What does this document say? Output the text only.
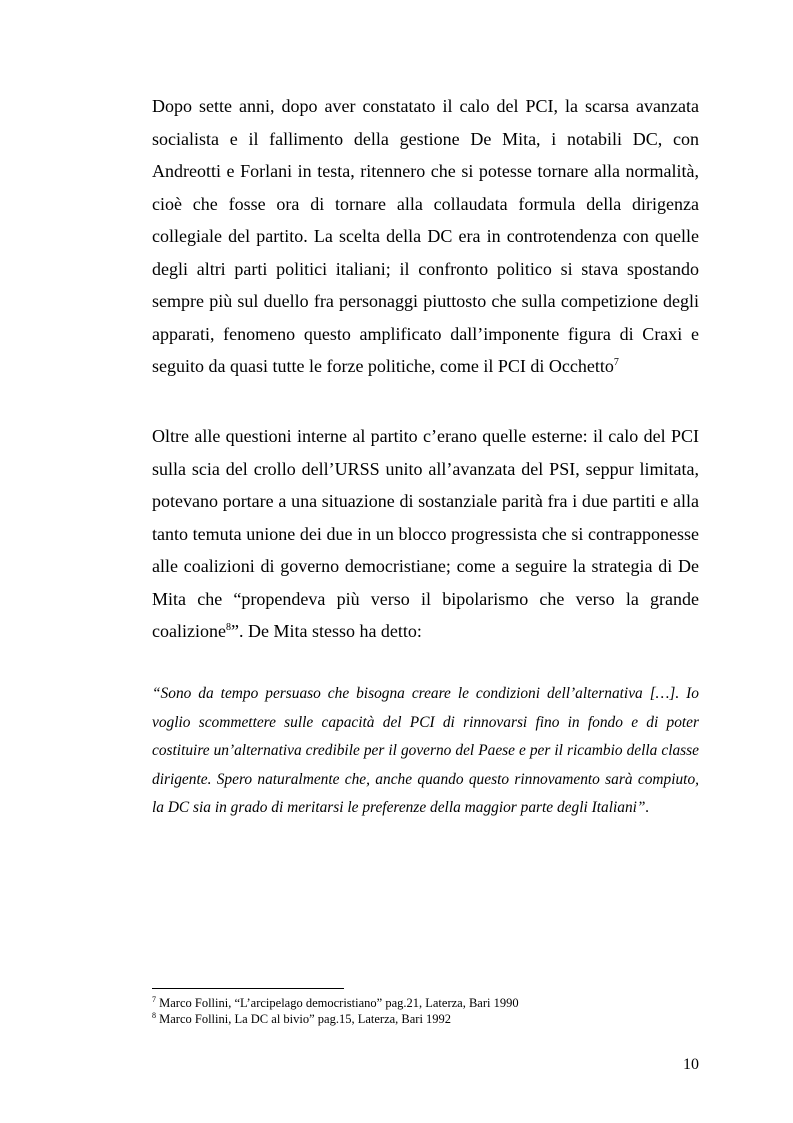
Dopo sette anni, dopo aver constatato il calo del PCI, la scarsa avanzata socialista e il fallimento della gestione De Mita, i notabili DC, con Andreotti e Forlani in testa, ritennero che si potesse tornare alla normalità, cioè che fosse ora di tornare alla collaudata formula della dirigenza collegiale del partito. La scelta della DC era in controtendenza con quelle degli altri parti politici italiani; il confronto politico si stava spostando sempre più sul duello fra personaggi piuttosto che sulla competizione degli apparati, fenomeno questo amplificato dall’imponente figura di Craxi e seguito da quasi tutte le forze politiche, come il PCI di Occhetto$^7$

Oltre alle questioni interne al partito c’erano quelle esterne: il calo del PCI sulla scia del crollo dell’URSS unito all’avanzata del PSI, seppur limitata, potevano portare a una situazione di sostanziale parità fra i due partiti e alla tanto temuta unione dei due in un blocco progressista che si contrapponesse alle coalizioni di governo democristiane; come a seguire la strategia di De Mita che “propendeva più verso il bipolarismo che verso la grande coalizione$^8$”. De Mita stesso ha detto:

“Sono da tempo persuaso che bisogna creare le condizioni dell’alternativa […]. Io voglio scommettere sulle capacità del PCI di rinnovarsi fino in fondo e di poter costituire un’alternativa credibile per il governo del Paese e per il ricambio della classe dirigente. Spero naturalmente che, anche quando questo rinnovamento sarà compiuto, la DC sia in grado di meritarsi le preferenze della maggior parte degli Italiani”.

$^7$ Marco Follini, “L’arcipelago democristiano” pag.21, Laterza, Bari 1990
$^8$ Marco Follini, La DC al bivio” pag.15, Laterza, Bari 1992
10
